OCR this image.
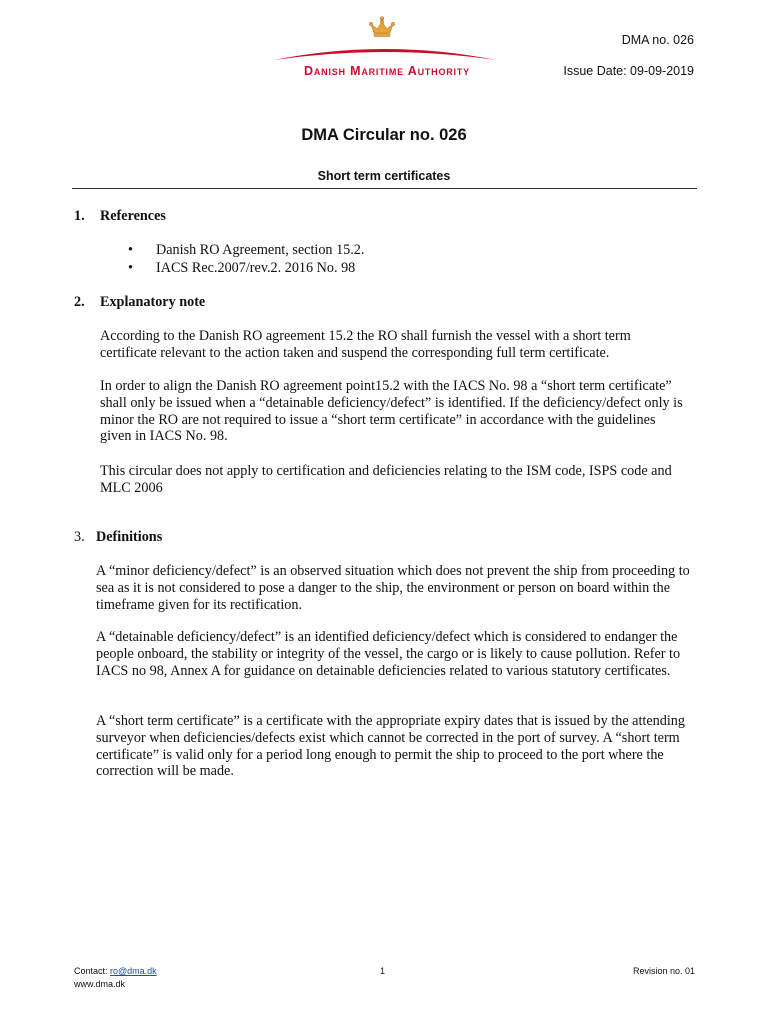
Danish Maritime Authority
DMA no. 026
Issue Date: 09-09-2019
DMA Circular no. 026
Short term certificates
1. References
• Danish RO Agreement, section 15.2.
• IACS Rec.2007/rev.2. 2016 No. 98
2. Explanatory note
According to the Danish RO agreement 15.2 the RO shall furnish the vessel with a short term certificate relevant to the action taken and suspend the corresponding full term certificate.
In order to align the Danish RO agreement point15.2 with the IACS No. 98 a “short term certificate” shall only be issued when a “detainable deficiency/defect” is identified. If the deficiency/defect only is minor the RO are not required to issue a “short term certificate” in accordance with the guidelines given in IACS No. 98.
This circular does not apply to certification and deficiencies relating to the ISM code, ISPS code and MLC 2006
3. Definitions
A “minor deficiency/defect” is an observed situation which does not prevent the ship from proceeding to sea as it is not considered to pose a danger to the ship, the environment or person on board within the timeframe given for its rectification.
A “detainable deficiency/defect” is an identified deficiency/defect which is considered to endanger the people onboard, the stability or integrity of the vessel, the cargo or is likely to cause pollution. Refer to IACS no 98, Annex A for guidance on detainable deficiencies related to various statutory certificates.
A “short term certificate” is a certificate with the appropriate expiry dates that is issued by the attending surveyor when deficiencies/defects exist which cannot be corrected in the port of survey. A “short term certificate” is valid only for a period long enough to permit the ship to proceed to the port where the correction will be made.
Contact: ro@dma.dk
www.dma.dk
1	Revision no. 01
